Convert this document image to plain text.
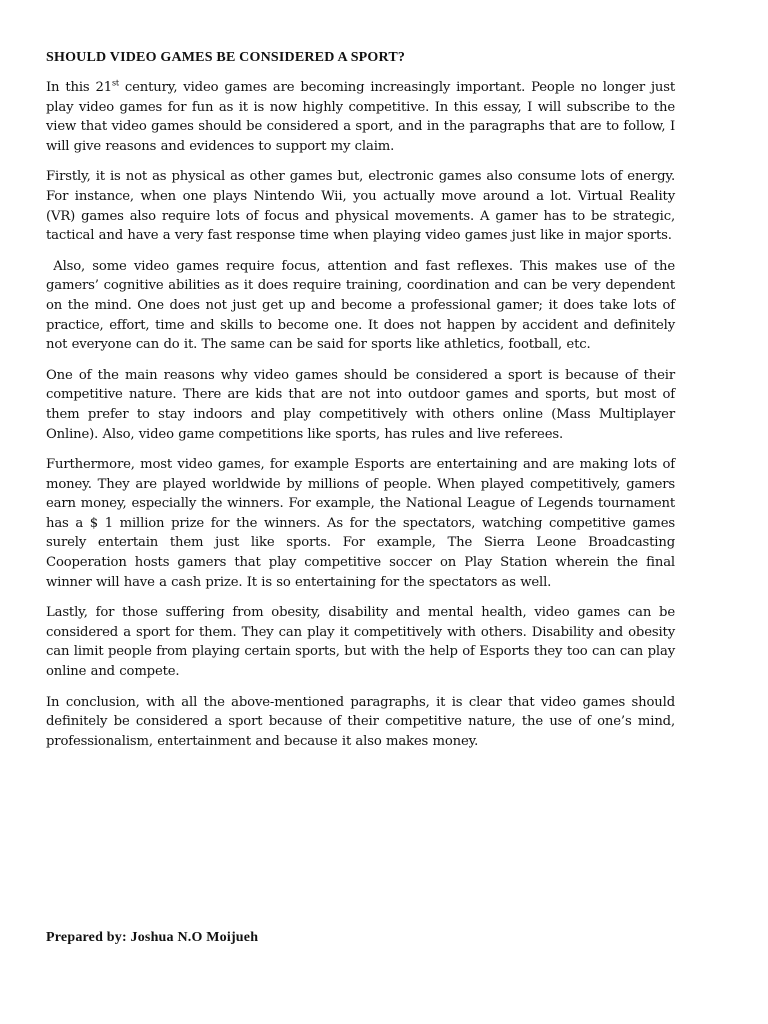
SHOULD VIDEO GAMES BE CONSIDERED A SPORT?

In this 21st century, video games are becoming increasingly important. People no longer just play video games for fun as it is now highly competitive. In this essay, I will subscribe to the view that video games should be considered a sport, and in the paragraphs that are to follow, I will give reasons and evidences to support my claim.

Firstly, it is not as physical as other games but, electronic games also consume lots of energy. For instance, when one plays Nintendo Wii, you actually move around a lot. Virtual Reality (VR) games also require lots of focus and physical movements. A gamer has to be strategic, tactical and have a very fast response time when playing video games just like in major sports.

Also, some video games require focus, attention and fast reflexes. This makes use of the gamers’ cognitive abilities as it does require training, coordination and can be very dependent on the mind. One does not just get up and become a professional gamer; it does take lots of practice, effort, time and skills to become one. It does not happen by accident and definitely not everyone can do it. The same can be said for sports like athletics, football, etc.

One of the main reasons why video games should be considered a sport is because of their competitive nature. There are kids that are not into outdoor games and sports, but most of them prefer to stay indoors and play competitively with others online (Mass Multiplayer Online). Also, video game competitions like sports, has rules and live referees.

Furthermore, most video games, for example Esports are entertaining and are making lots of money. They are played worldwide by millions of people. When played competitively, gamers earn money, especially the winners. For example, the National League of Legends tournament has a $ 1 million prize for the winners. As for the spectators, watching competitive games surely entertain them just like sports. For example, The Sierra Leone Broadcasting Cooperation hosts gamers that play competitive soccer on Play Station wherein the final winner will have a cash prize. It is so entertaining for the spectators as well.

Lastly, for those suffering from obesity, disability and mental health, video games can be considered a sport for them. They can play it competitively with others. Disability and obesity can limit people from playing certain sports, but with the help of Esports they too can can play online and compete.

In conclusion, with all the above-mentioned paragraphs, it is clear that video games should definitely be considered a sport because of their competitive nature, the use of one’s mind, professionalism, entertainment and because it also makes money.

Prepared by: Joshua N.O Moijueh
